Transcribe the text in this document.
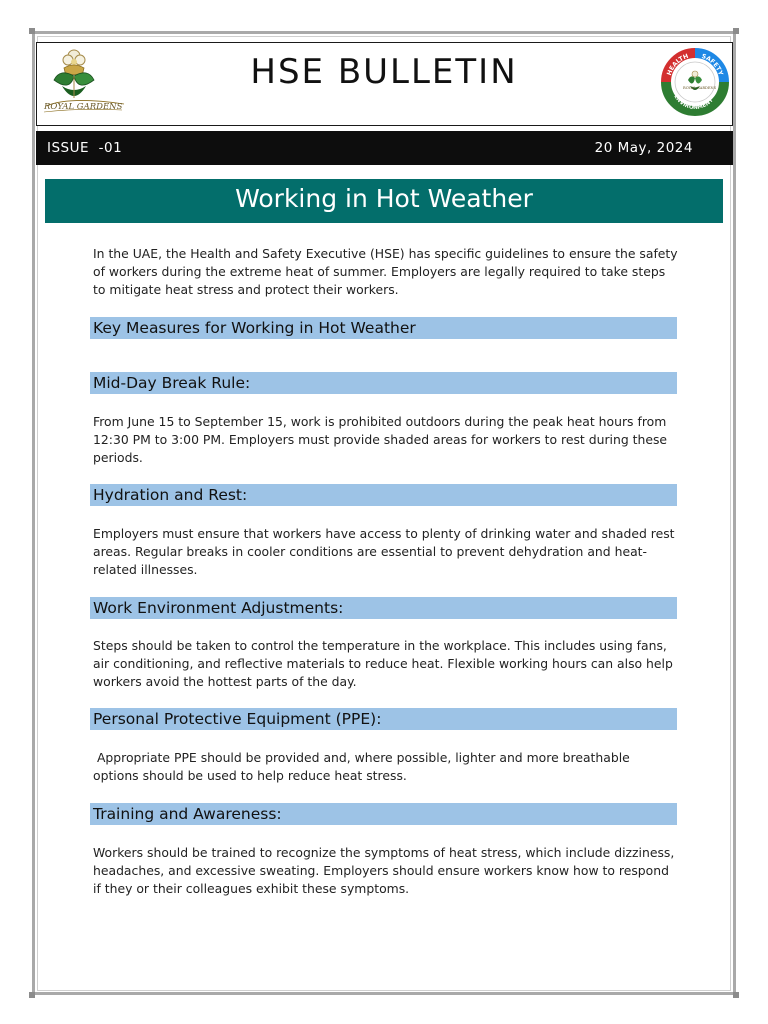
ROYAL GARDENS
HSE BULLETIN	HEALTH SAFETY
ENVIRONMENT
ROYAL GARDENS
ISSUE  -01	20 May, 2024
Working in Hot Weather

In the UAE, the Health and Safety Executive (HSE) has specific guidelines to ensure the safety of workers during the extreme heat of summer. Employers are legally required to take steps to mitigate heat stress and protect their workers.

Key Measures for Working in Hot Weather
Mid-Day Break Rule:

From June 15 to September 15, work is prohibited outdoors during the peak heat hours from 12:30 PM to 3:00 PM. Employers must provide shaded areas for workers to rest during these periods.

Hydration and Rest:

Employers must ensure that workers have access to plenty of drinking water and shaded rest areas. Regular breaks in cooler conditions are essential to prevent dehydration and heat-related illnesses.

Work Environment Adjustments:

Steps should be taken to control the temperature in the workplace. This includes using fans, air conditioning, and reflective materials to reduce heat. Flexible working hours can also help workers avoid the hottest parts of the day.

Personal Protective Equipment (PPE):

Appropriate PPE should be provided and, where possible, lighter and more breathable options should be used to help reduce heat stress.

Training and Awareness:

Workers should be trained to recognize the symptoms of heat stress, which include dizziness, headaches, and excessive sweating. Employers should ensure workers know how to respond if they or their colleagues exhibit these symptoms.
